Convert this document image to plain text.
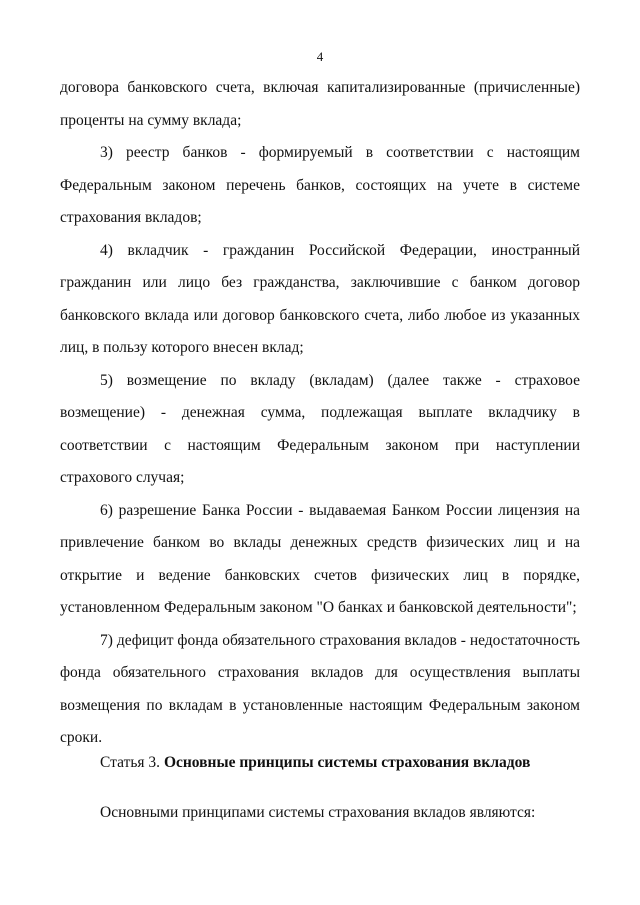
4

договора банковского счета, включая капитализированные (причисленные) проценты на сумму вклада;

3) реестр банков - формируемый в соответствии с настоящим Федеральным законом перечень банков, состоящих на учете в системе страхования вкладов;

4) вкладчик - гражданин Российской Федерации, иностранный гражданин или лицо без гражданства, заключившие с банком договор банковского вклада или договор банковского счета, либо любое из указанных лиц, в пользу которого внесен вклад;

5) возмещение по вкладу (вкладам) (далее также - страховое возмещение) - денежная сумма, подлежащая выплате вкладчику в соответствии с настоящим Федеральным законом при наступлении страхового случая;

6) разрешение Банка России - выдаваемая Банком России лицензия на привлечение банком во вклады денежных средств физических лиц и на открытие и ведение банковских счетов физических лиц в порядке, установленном Федеральным законом "О банках и банковской деятельности";

7) дефицит фонда обязательного страхования вкладов - недостаточность фонда обязательного страхования вкладов для осуществления выплаты возмещения по вкладам в установленные настоящим Федеральным законом сроки.

Статья 3. Основные принципы системы страхования вкладов
Основными принципами системы страхования вкладов являются:
